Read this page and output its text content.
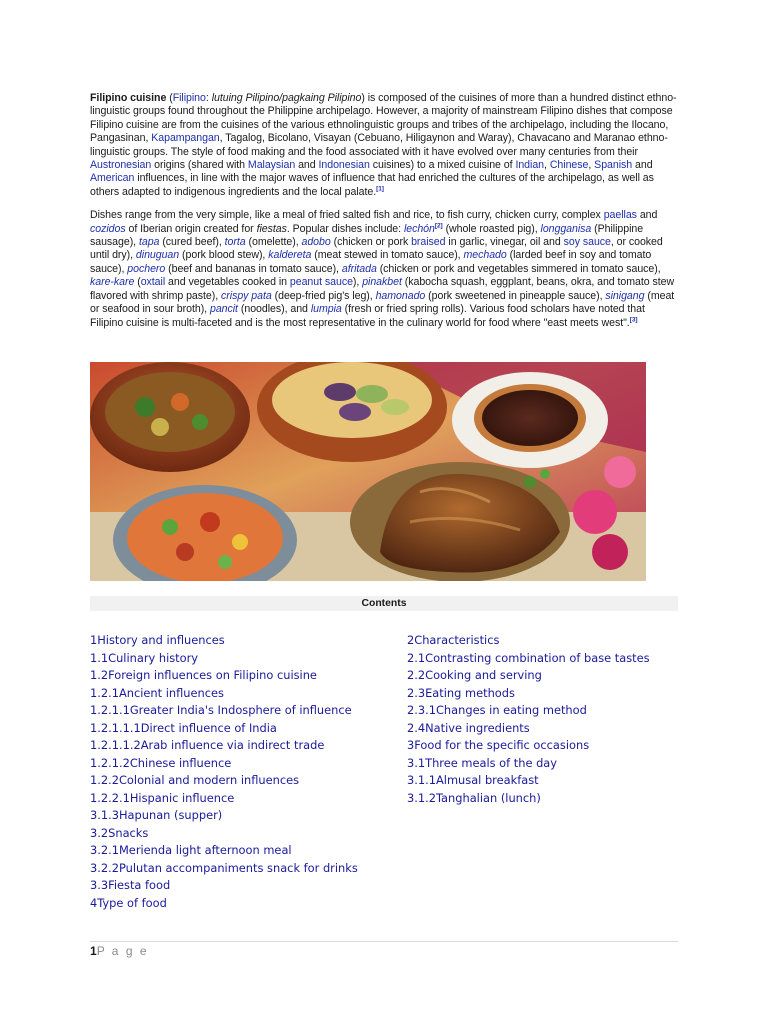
Filipino cuisine (Filipino: lutuing Pilipino/pagkaing Pilipino) is composed of the cuisines of more than a hundred distinct ethno-linguistic groups found throughout the Philippine archipelago. However, a majority of mainstream Filipino dishes that compose Filipino cuisine are from the cuisines of the various ethnolinguistic groups and tribes of the archipelago, including the Ilocano, Pangasinan, Kapampangan, Tagalog, Bicolano, Visayan (Cebuano, Hiligaynon and Waray), Chavacano and Maranao ethno-linguistic groups. The style of food making and the food associated with it have evolved over many centuries from their Austronesian origins (shared with Malaysian and Indonesian cuisines) to a mixed cuisine of Indian, Chinese, Spanish and American influences, in line with the major waves of influence that had enriched the cultures of the archipelago, as well as others adapted to indigenous ingredients and the local palate.[1]

Dishes range from the very simple, like a meal of fried salted fish and rice, to fish curry, chicken curry, complex paellas and cozidos of Iberian origin created for fiestas. Popular dishes include: lechón[2] (whole roasted pig), longganisa (Philippine sausage), tapa (cured beef), torta (omelette), adobo (chicken or pork braised in garlic, vinegar, oil and soy sauce, or cooked until dry), dinuguan (pork blood stew), kaldereta (meat stewed in tomato sauce), mechado (larded beef in soy and tomato sauce), pochero (beef and bananas in tomato sauce), afritada (chicken or pork and vegetables simmered in tomato sauce), kare-kare (oxtail and vegetables cooked in peanut sauce), pinakbet (kabocha squash, eggplant, beans, okra, and tomato stew flavored with shrimp paste), crispy pata (deep-fried pig's leg), hamonado (pork sweetened in pineapple sauce), sinigang (meat or seafood in sour broth), pancit (noodles), and lumpia (fresh or fried spring rolls). Various food scholars have noted that Filipino cuisine is multi-faceted and is the most representative in the culinary world for food where "east meets west".[3]

Contents
1History and influences
1.1Culinary history
1.2Foreign influences on Filipino cuisine
1.2.1Ancient influences
1.2.1.1Greater India's Indosphere of influence
1.2.1.1.1Direct influence of India
1.2.1.1.2Arab influence via indirect trade
1.2.1.2Chinese influence
1.2.2Colonial and modern influences
1.2.2.1Hispanic influence
3.1.3Hapunan (supper)
3.2Snacks
3.2.1Merienda light afternoon meal
3.2.2Pulutan accompaniments snack for drinks
3.3Fiesta food
4Type of food
2Characteristics
2.1Contrasting combination of base tastes
2.2Cooking and serving
2.3Eating methods
2.3.1Changes in eating method
2.4Native ingredients
3Food for the specific occasions
3.1Three meals of the day
3.1.1Almusal breakfast
3.1.2Tanghalian (lunch)
1P a g e
